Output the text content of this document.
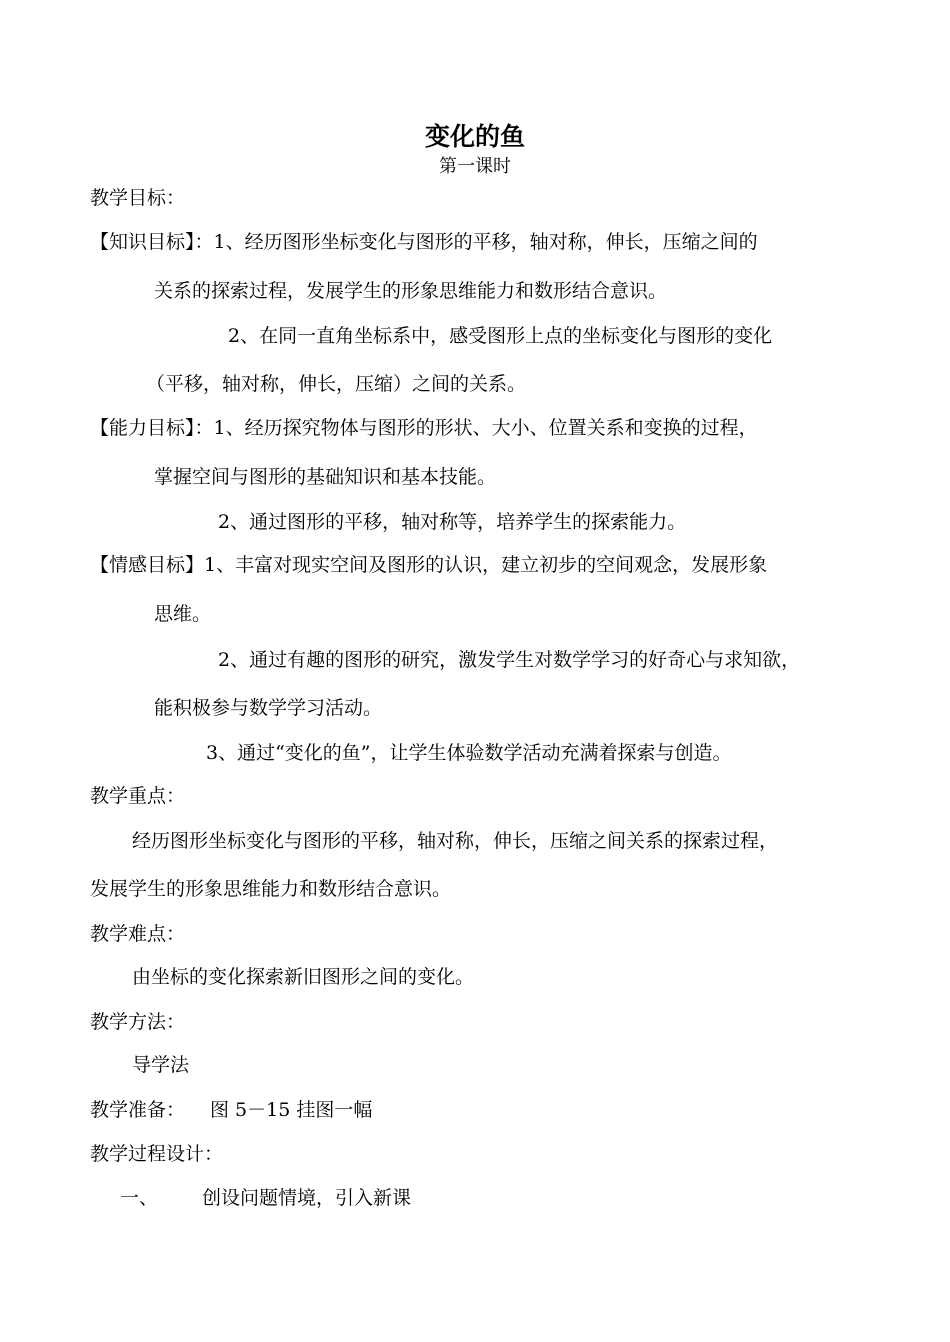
变化的鱼
第一课时
教学目标：
【知识目标】：1、经历图形坐标变化与图形的平移，轴对称，伸长，压缩之间的
关系的探索过程，发展学生的形象思维能力和数形结合意识。
2、在同一直角坐标系中，感受图形上点的坐标变化与图形的变化
（平移，轴对称，伸长，压缩）之间的关系。
【能力目标】：1、经历探究物体与图形的形状、大小、位置关系和变换的过程，
掌握空间与图形的基础知识和基本技能。
2、通过图形的平移，轴对称等，培养学生的探索能力。
【情感目标】1、丰富对现实空间及图形的认识，建立初步的空间观念，发展形象
思维。
2、通过有趣的图形的研究，激发学生对数学学习的好奇心与求知欲，
能积极参与数学学习活动。
3、通过“变化的鱼”，让学生体验数学活动充满着探索与创造。
教学重点：
经历图形坐标变化与图形的平移，轴对称，伸长，压缩之间关系的探索过程，
发展学生的形象思维能力和数形结合意识。
教学难点：
由坐标的变化探索新旧图形之间的变化。
教学方法：
导学法
教学准备： 图 5－15 挂图一幅
教学过程设计：
一、 创设问题情境，引入新课
